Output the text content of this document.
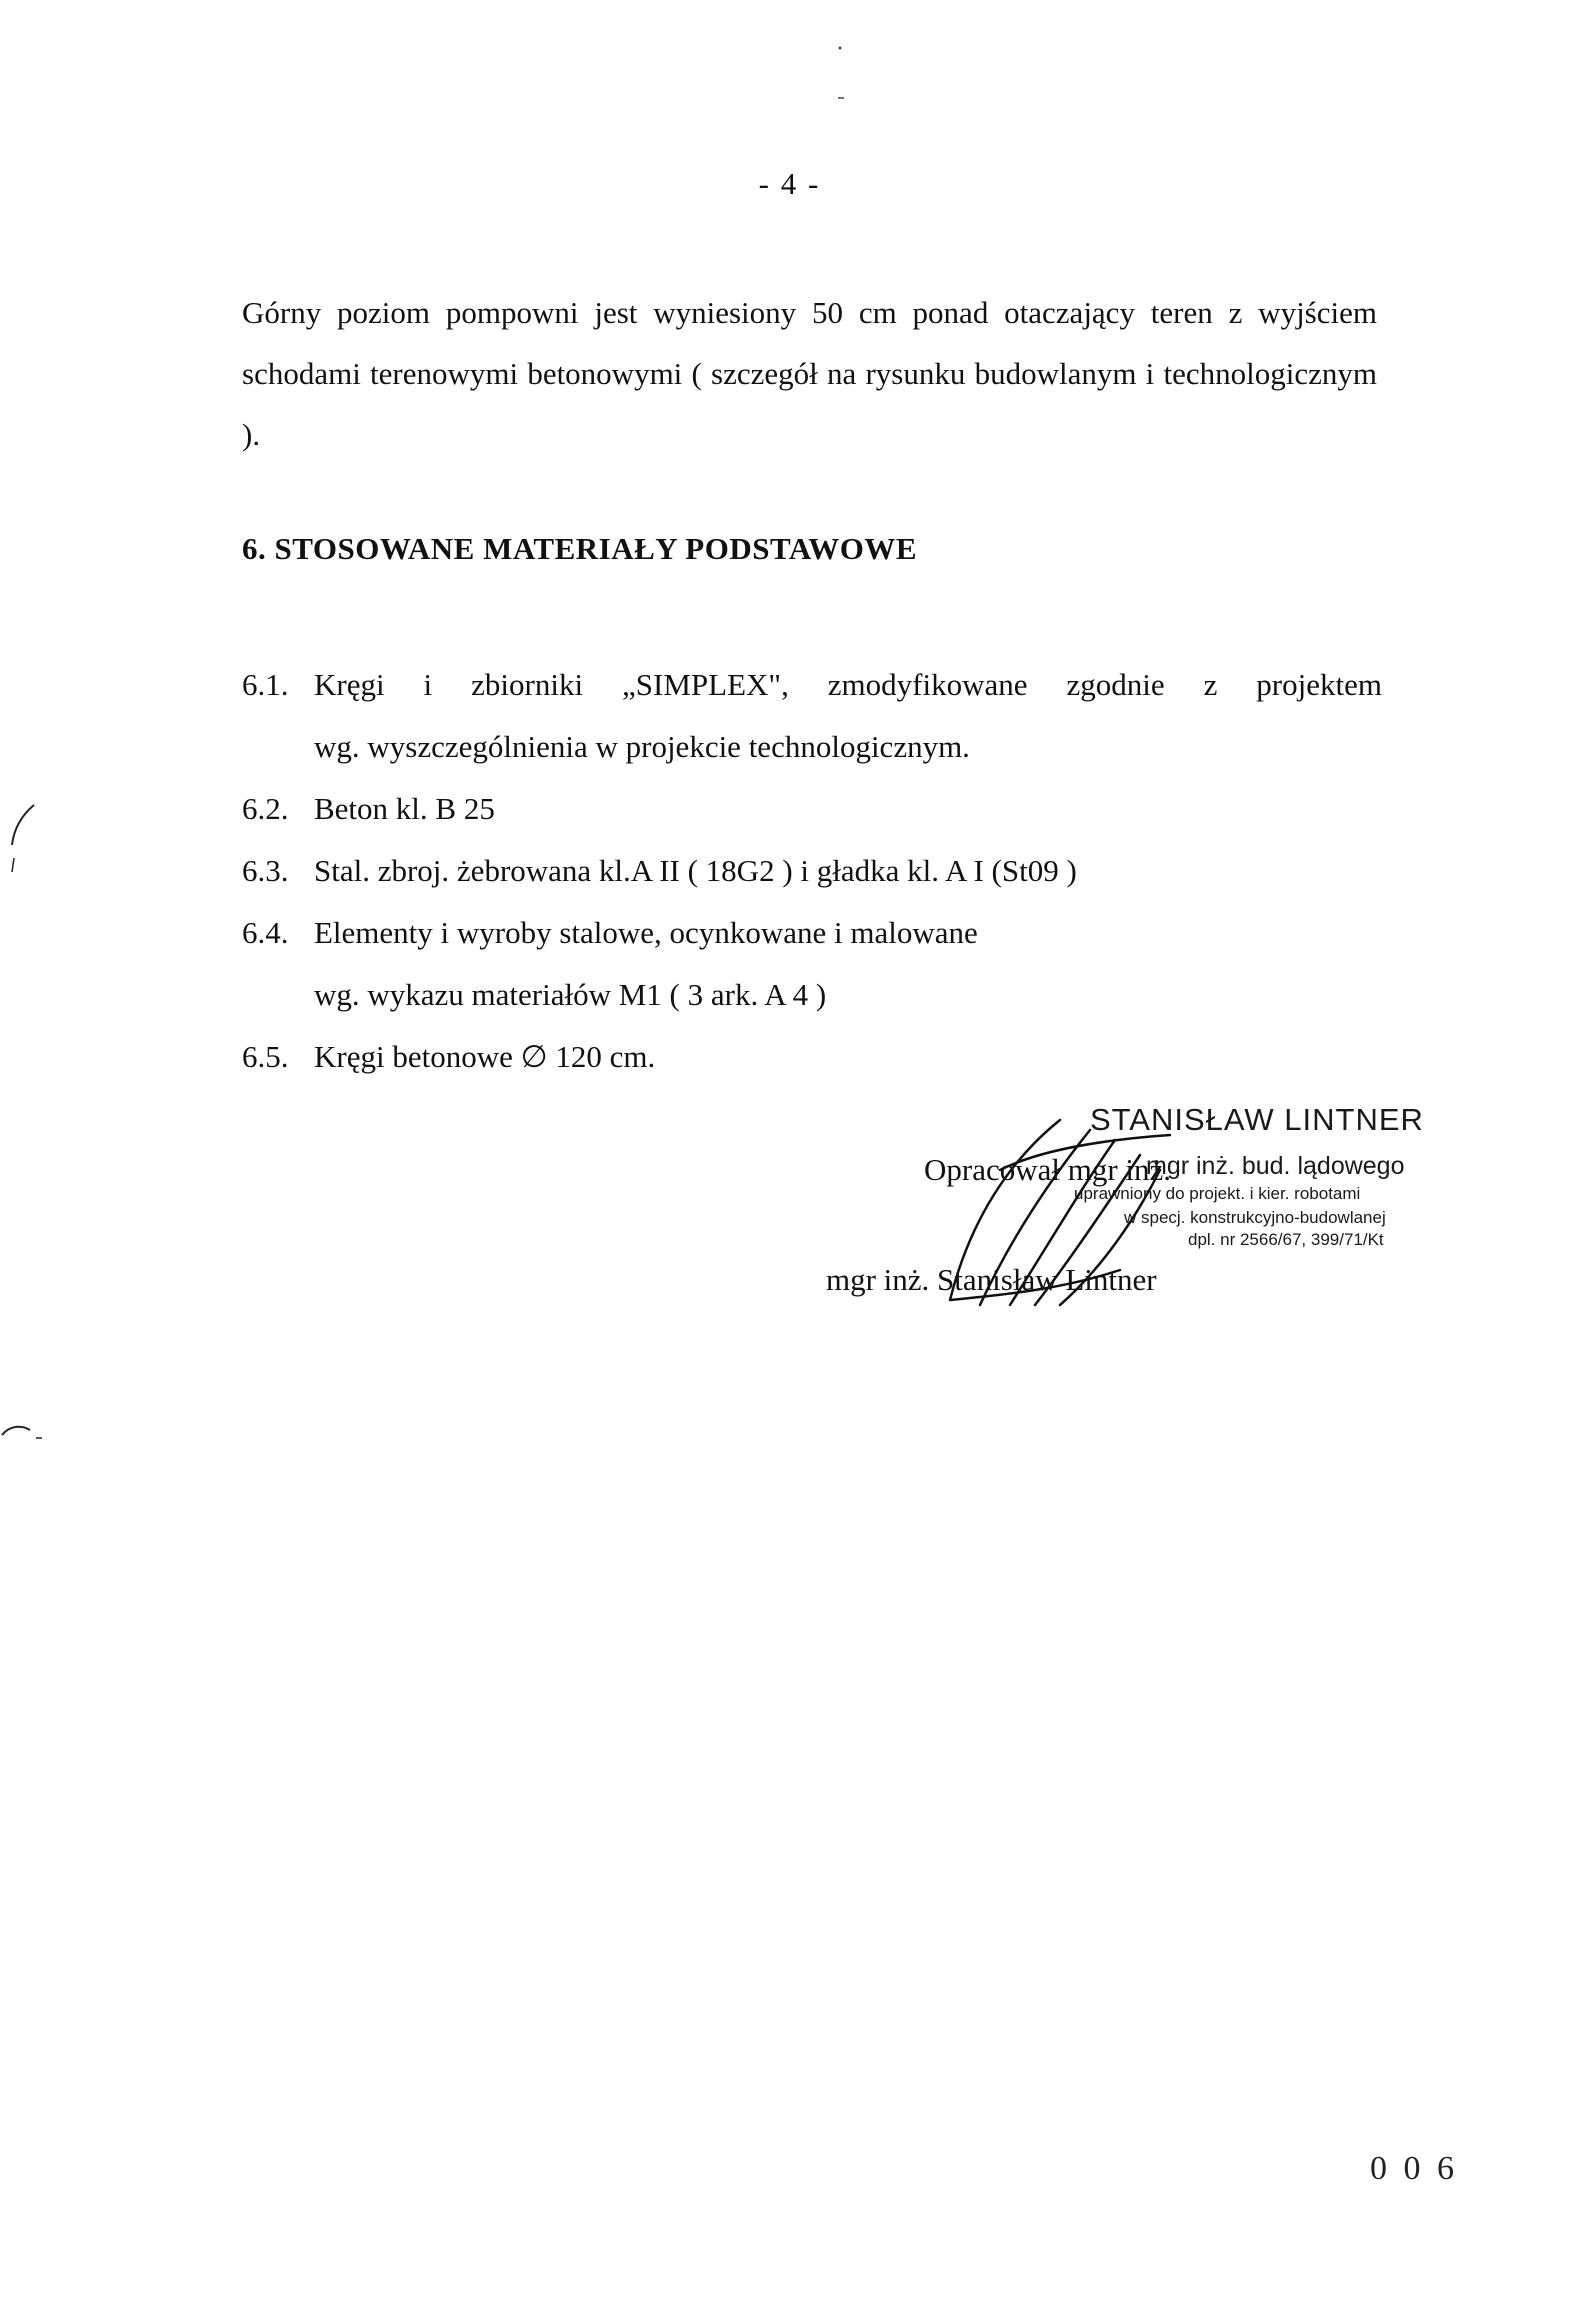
- 4 -

Górny poziom pompowni jest wyniesiony 50 cm ponad otaczający teren z wyjściem schodami terenowymi betonowymi ( szczegół na rysunku budowlanym i technologicznym ).

6. STOSOWANE MATERIAŁY PODSTAWOWE
6.1. Kręgi i zbiorniki „SIMPLEX", zmodyfikowane zgodnie z projektem
wg. wyszczególnienia w projekcie technologicznym.
6.2. Beton kl. B 25
6.3. Stal. zbroj. żebrowana kl.A II ( 18G2 ) i gładka kl. A I (St09 )
6.4. Elementy i wyroby stalowe, ocynkowane i malowane
wg. wykazu materiałów M1 ( 3 ark. A 4 )
6.5. Kręgi betonowe ∅ 120 cm.
Opracował mgr inż.
mgr inż. Stanisław Lintner
STANISŁAW LINTNER
mgr inż. bud. lądowego
uprawniony do projekt. i kier. robotami
w specj. konstrukcyjno-budowlanej
dpl. nr 2566/67, 399/71/Kt
0 0 6
